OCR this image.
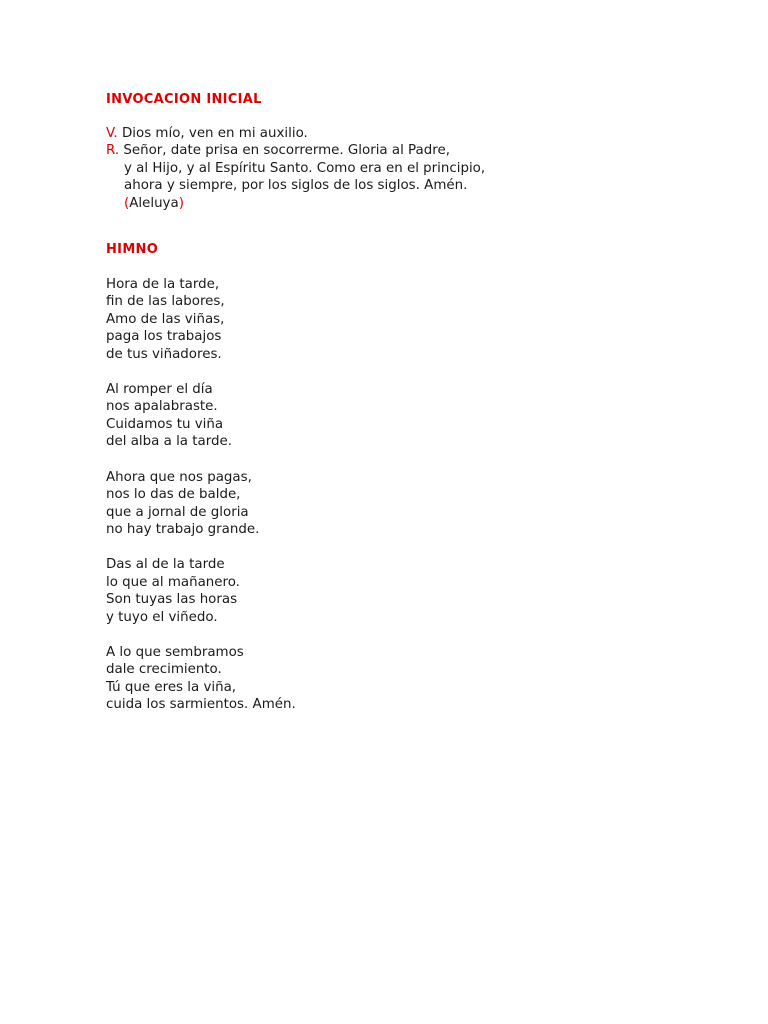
INVOCACION INICIAL
V. Dios mío, ven en mi auxilio.
R. Señor, date prisa en socorrerme. Gloria al Padre,
y al Hijo, y al Espíritu Santo. Como era en el principio,
ahora y siempre, por los siglos de los siglos. Amén.
(Aleluya)
HIMNO
Hora de la tarde,
fin de las labores,
Amo de las viñas,
paga los trabajos
de tus viñadores.
Al romper el día
nos apalabraste.
Cuidamos tu viña
del alba a la tarde.
Ahora que nos pagas,
nos lo das de balde,
que a jornal de gloria
no hay trabajo grande.
Das al de la tarde
lo que al mañanero.
Son tuyas las horas
y tuyo el viñedo.
A lo que sembramos
dale crecimiento.
Tú que eres la viña,
cuida los sarmientos. Amén.
